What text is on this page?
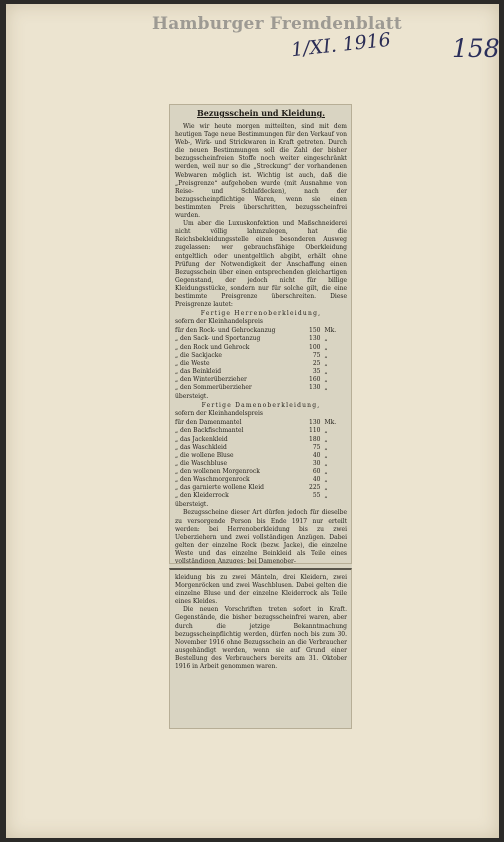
Hamburger Fremdenblatt
1/XI. 1916 158

Bezugsschein und Kleidung.

Wie wir heute morgen mitteilten, sind mit dem heutigen Tage neue Bestimmungen für den Verkauf von Web-, Wirk- und Strickwaren in Kraft getreten. Durch die neuen Bestimmungen soll die Zahl der bisher bezugsscheinfreien Stoffe noch weiter eingeschränkt werden, weil nur so die „Streckung“ der vorhandenen Webwaren möglich ist. Wichtig ist auch, daß die „Preisgrenze“ aufgehoben wurde (mit Ausnahme von Reise- und Schlafdecken), nach der bezugsscheinpflichtige Waren, wenn sie einen bestimmten Preis überschritten, bezugsscheinfrei wurden.

Um aber die Luxuskonfektion und Maßschneiderei nicht völlig lahmzulegen, hat die Reichsbekleidungsstelle einen besonderen Ausweg zugelassen: wer gebrauchsfähige Oberkleidung entgeltlich oder unentgeltlich abgibt, erhält ohne Prüfung der Notwendigkeit der Anschaffung einen Bezugsschein über einen entsprechenden gleichartigen Gegenstand, der jedoch nicht für billige Kleidungsstücke, sondern nur für solche gilt, die eine bestimmte Preisgrenze überschreiten. Diese Preisgrenze lautet:

Fertige Herrenoberkleidung,

sofern der Kleinhandelspreis

für den Rock- und Gehrockanzug	150	Mk.
„ den Sack- und Sportanzug	130	„
„ den Rock und Gehrock	100	„
„ die Sackjacke	75	„
„ die Weste	25	„
„ das Beinkleid	35	„
„ den Winterüberzieher	160	„
„ den Sommerüberzieher	130	„

übersteigt.

Fertige Damenoberkleidung,

sofern der Kleinhandelspreis

für den Damenmantel	130	Mk.
„ den Backfischmantel	110	„
„ das Jackenkleid	180	„
„ das Waschkleid	75	„
„ die wollene Bluse	40	„
„ die Waschbluse	30	„
„ den wollenen Morgenrock	60	„
„ den Waschmorgenrock	40	„
„ das garnierte wollene Kleid	225	„
„ den Kleiderrock	55	„

übersteigt.

Bezugsscheine dieser Art dürfen jedoch für dieselbe zu versorgende Person bis Ende 1917 nur erteilt werden: bei Herrenoberkleidung bis zu zwei Ueberziehern und zwei vollständigen Anzügen. Dabei gelten der einzelne Rock (bezw. Jacke), die einzelne Weste und das einzelne Beinkleid als Teile eines vollständigen Anzuges; bei Damenober-

kleidung bis zu zwei Mänteln, drei Kleidern, zwei Morgenröcken und zwei Waschblusen. Dabei gelten die einzelne Bluse und der einzelne Kleiderrock als Teile eines Kleides.

Die neuen Vorschriften treten sofort in Kraft. Gegenstände, die bisher bezugsscheinfrei waren, aber durch die jetzige Bekanntmachung bezugsscheinpflichtig werden, dürfen noch bis zum 30. November 1916 ohne Bezugsschein an die Verbraucher ausgehändigt werden, wenn sie auf Grund einer Bestellung des Verbrauchers bereits am 31. Oktober 1916 in Arbeit genommen waren.
